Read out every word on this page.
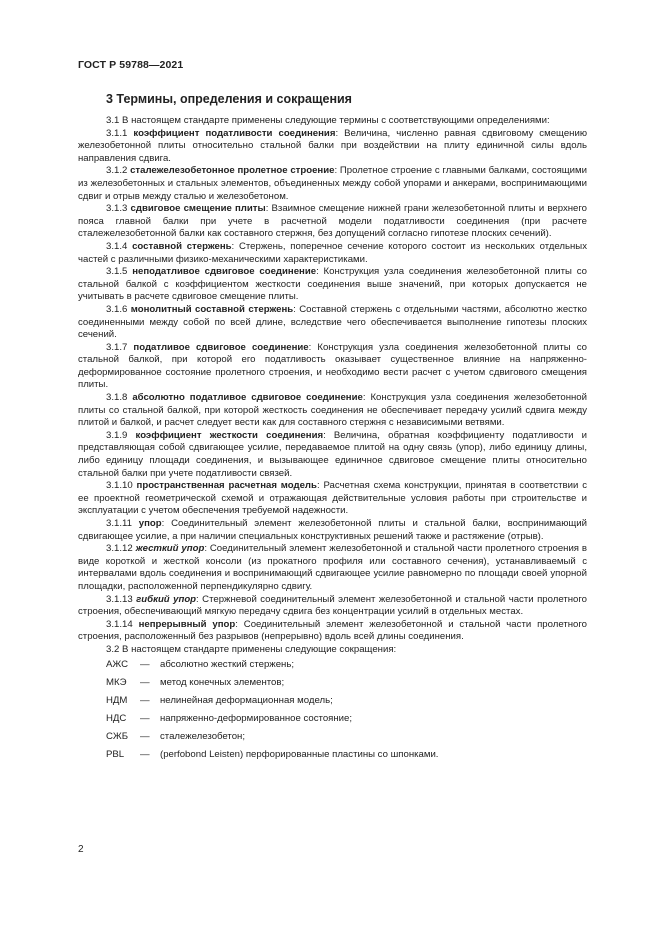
ГОСТ Р 59788—2021
3 Термины, определения и сокращения

3.1 В настоящем стандарте применены следующие термины с соответствующими определениями:

3.1.1 коэффициент податливости соединения: Величина, численно равная сдвиговому смещению железобетонной плиты относительно стальной балки при воздействии на плиту единичной силы вдоль направления сдвига.

3.1.2 сталежелезобетонное пролетное строение: Пролетное строение с главными балками, состоящими из железобетонных и стальных элементов, объединенных между собой упорами и анкерами, воспринимающими сдвиг и отрыв между сталью и железобетоном.

3.1.3 сдвиговое смещение плиты: Взаимное смещение нижней грани железобетонной плиты и верхнего пояса главной балки при учете в расчетной модели податливости соединения (при расчете сталежелезобетонной балки как составного стержня, без допущений согласно гипотезе плоских сечений).

3.1.4 составной стержень: Стержень, поперечное сечение которого состоит из нескольких отдельных частей с различными физико-механическими характеристиками.

3.1.5 неподатливое сдвиговое соединение: Конструкция узла соединения железобетонной плиты со стальной балкой с коэффициентом жесткости соединения выше значений, при которых допускается не учитывать в расчете сдвиговое смещение плиты.

3.1.6 монолитный составной стержень: Составной стержень с отдельными частями, абсолютно жестко соединенными между собой по всей длине, вследствие чего обеспечивается выполнение гипотезы плоских сечений.

3.1.7 податливое сдвиговое соединение: Конструкция узла соединения железобетонной плиты со стальной балкой, при которой его податливость оказывает существенное влияние на напряженно-деформированное состояние пролетного строения, и необходимо вести расчет с учетом сдвигового смещения плиты.

3.1.8 абсолютно податливое сдвиговое соединение: Конструкция узла соединения железобетонной плиты со стальной балкой, при которой жесткость соединения не обеспечивает передачу усилий сдвига между плитой и балкой, и расчет следует вести как для составного стержня с независимыми ветвями.

3.1.9 коэффициент жесткости соединения: Величина, обратная коэффициенту податливости и представляющая собой сдвигающее усилие, передаваемое плитой на одну связь (упор), либо единицу длины, либо единицу площади соединения, и вызывающее единичное сдвиговое смещение плиты относительно стальной балки при учете податливости связей.

3.1.10 пространственная расчетная модель: Расчетная схема конструкции, принятая в соответствии с ее проектной геометрической схемой и отражающая действительные условия работы при строительстве и эксплуатации с учетом обеспечения требуемой надежности.

3.1.11 упор: Соединительный элемент железобетонной плиты и стальной балки, воспринимающий сдвигающее усилие, а при наличии специальных конструктивных решений также и растяжение (отрыв).

3.1.12 жесткий упор: Соединительный элемент железобетонной и стальной части пролетного строения в виде короткой и жесткой консоли (из прокатного профиля или составного сечения), устанавливаемый с интервалами вдоль соединения и воспринимающий сдвигающее усилие равномерно по площади своей упорной площадки, расположенной перпендикулярно сдвигу.

3.1.13 гибкий упор: Стержневой соединительный элемент железобетонной и стальной части пролетного строения, обеспечивающий мягкую передачу сдвига без концентрации усилий в отдельных местах.

3.1.14 непрерывный упор: Соединительный элемент железобетонной и стальной части пролетного строения, расположенный без разрывов (непрерывно) вдоль всей длины соединения.

3.2 В настоящем стандарте применены следующие сокращения:

АЖС	—	абсолютно жесткий стержень;
МКЭ	—	метод конечных элементов;
НДМ	—	нелинейная деформационная модель;
НДС	—	напряженно-деформированное состояние;
СЖБ	—	сталежелезобетон;
PBL	—	(perfobond Leisten) перфорированные пластины со шпонками.
2
